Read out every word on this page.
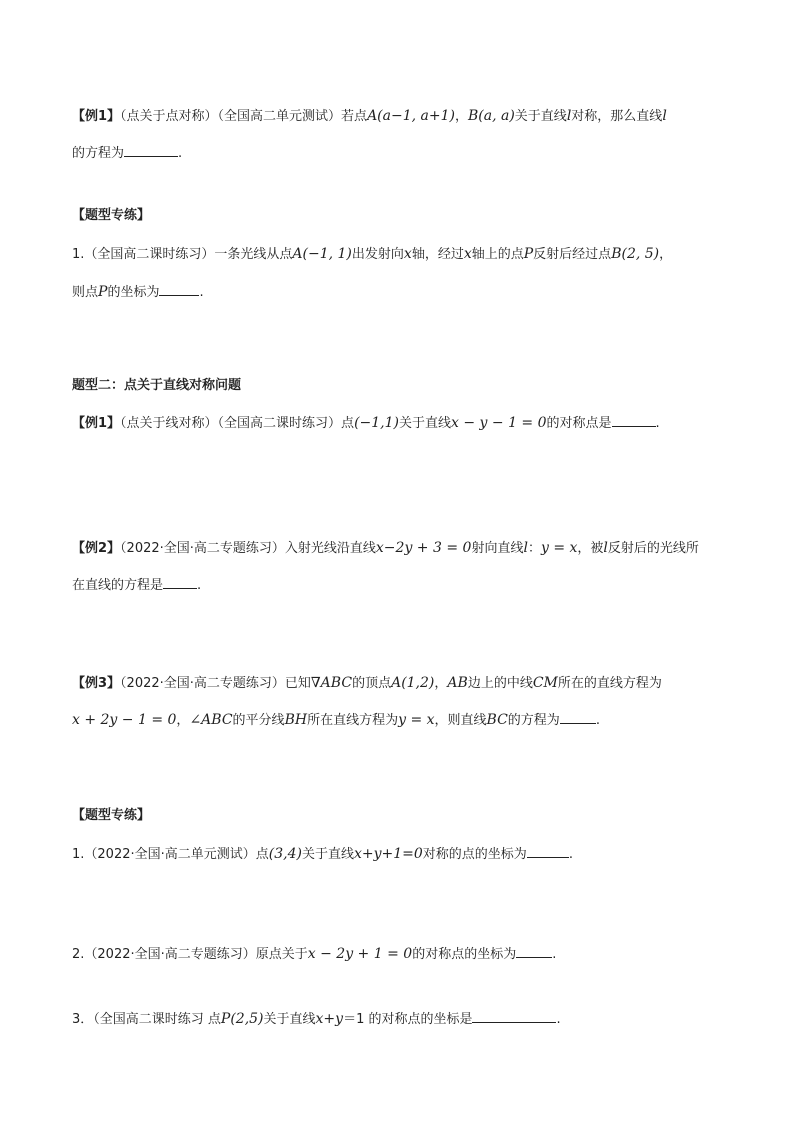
【例1】（点关于点对称）（全国高二单元测试）若点A(a−1, a+1)，B(a, a)关于直线l对称，那么直线l
的方程为	.
【题型专练】
1.（全国高二课时练习）一条光线从点A(−1, 1)出发射向x轴，经过x轴上的点P反射后经过点B(2, 5)，
则点P的坐标为	.
题型二：点关于直线对称问题
【例1】（点关于线对称）（全国高二课时练习）点(−1,1)关于直线x − y − 1 = 0的对称点是	.
【例2】（2022·全国·高二专题练习）入射光线沿直线x−2y + 3 = 0射向直线l：y = x，被l反射后的光线所
在直线的方程是	.
【例3】（2022·全国·高二专题练习）已知∇ABC的顶点A(1,2)，AB边上的中线CM所在的直线方程为
x + 2y − 1 = 0，∠ABC的平分线BH所在直线方程为y = x，则直线BC的方程为	.
【题型专练】
1.（2022·全国·高二单元测试）点(3,4)关于直线x+y+1=0对称的点的坐标为	.
2.（2022·全国·高二专题练习）原点关于x − 2y + 1 = 0的对称点的坐标为	.
3．（全国高二课时练习 点P(2,5)关于直线x+y＝1 的对称点的坐标是	.
